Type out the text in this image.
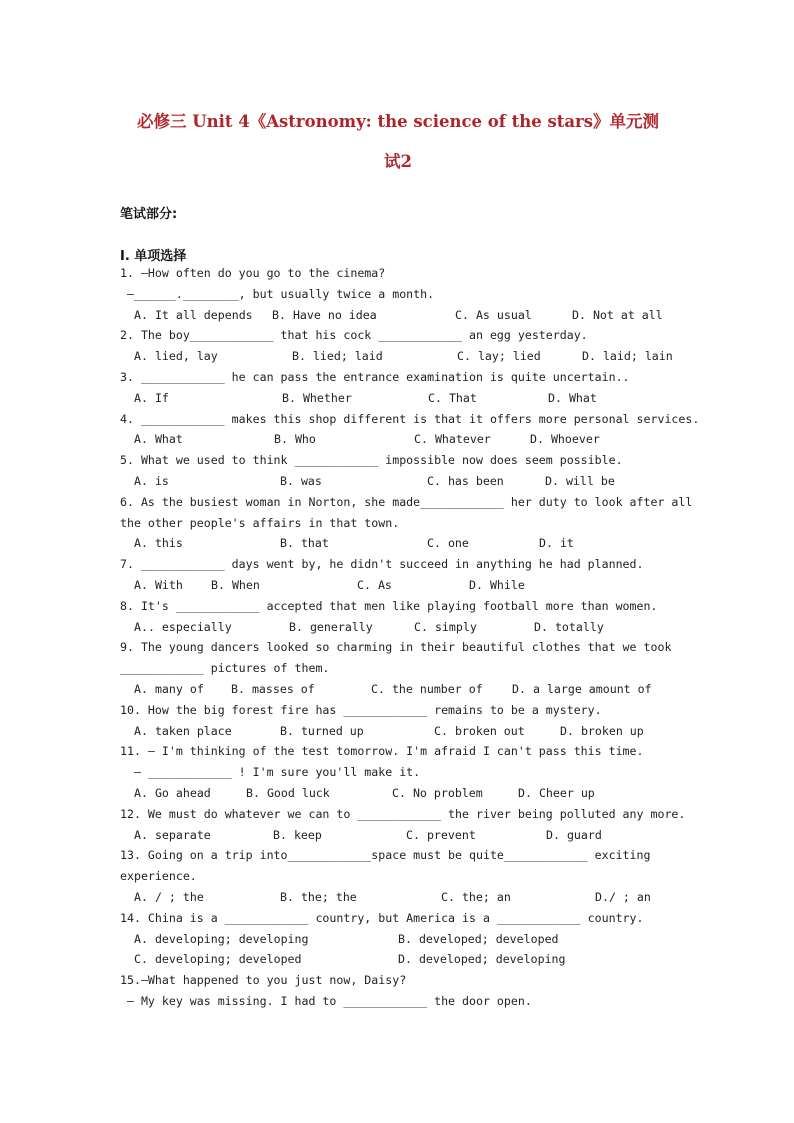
必修三 Unit 4《Astronomy: the science of the stars》单元测
试2
笔试部分:
I. 单项选择
1. —How often do you go to the cinema?
—______.________, but usually twice a month.
A. It all depends B. Have no idea	C. As usual	D. Not at all
2. The boy____________ that his cock ____________ an egg yesterday.
A. lied, lay	B. lied; laid	C. lay; lied	D. laid; lain
3. ____________ he can pass the entrance examination is quite uncertain..
A. If	B. Whether	C. That	D. What
4. ____________ makes this shop different is that it offers more personal services.
A. What	B. Who	C. Whatever	D. Whoever
5. What we used to think ____________ impossible now does seem possible.
A. is	B. was	C. has been	D. will be
6. As the busiest woman in Norton, she made____________ her duty to look after all
the other people's affairs in that town.
A. this	B. that	C. one	D. it
7. ____________ days went by, he didn't succeed in anything he had planned.
A. With B. When	C. As	D. While
8. It's ____________ accepted that men like playing football more than women.
A.. especially	B. generally	C. simply	D. totally
9. The young dancers looked so charming in their beautiful clothes that we took
____________ pictures of them.
A. many of B. masses of	C. the number of	D. a large amount of
10. How the big forest fire has ____________ remains to be a mystery.
A. taken place	B. turned up	C. broken out	D. broken up
11. — I'm thinking of the test tomorrow. I'm afraid I can't pass this time.
— ____________ ! I'm sure you'll make it.
A. Go ahead	B. Good luck	C. No problem	D. Cheer up
12. We must do whatever we can to ____________ the river being polluted any more.
A. separate	B. keep	C. prevent	D. guard
13. Going on a trip into____________space must be quite____________ exciting
experience.
A. / ; the	B. the; the	C. the; an	D./ ; an
14. China is a ____________ country, but America is a ____________ country.
A. developing; developing	B. developed; developed
C. developing; developed	D. developed; developing
15.—What happened to you just now, Daisy?
— My key was missing. I had to ____________ the door open.
